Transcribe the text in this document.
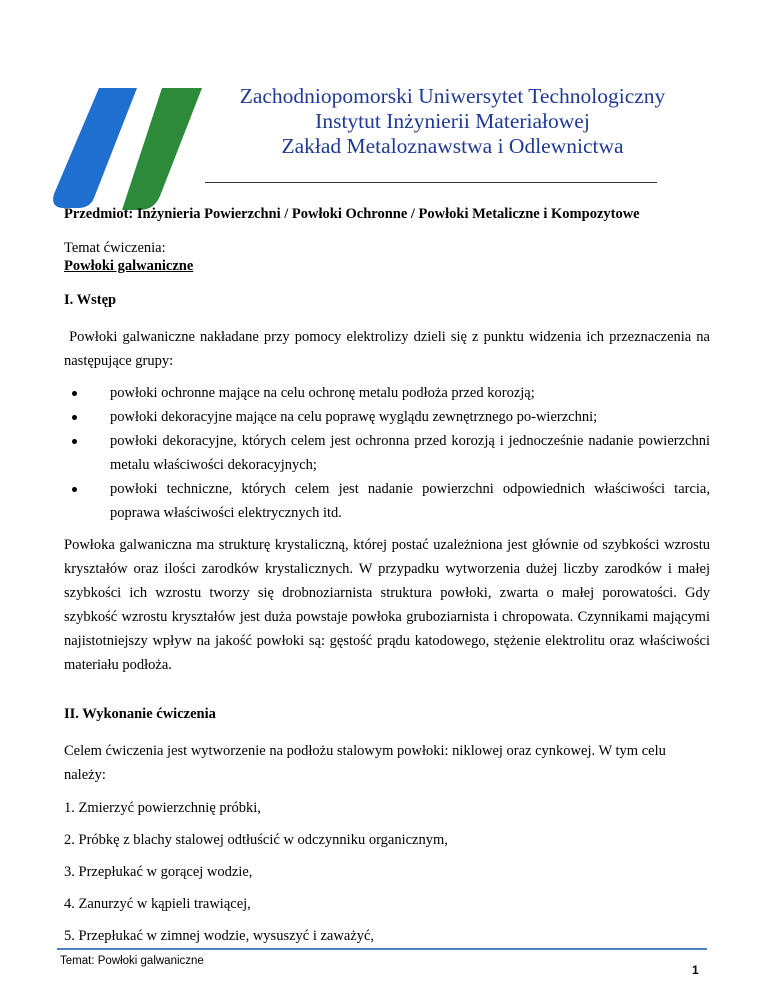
Zachodniopomorski Uniwersytet Technologiczny
Instytut Inżynierii Materiałowej
Zakład Metaloznawstwa i Odlewnictwa
Przedmiot: Inżynieria Powierzchni / Powłoki Ochronne / Powłoki Metaliczne i Kompozytowe
Temat ćwiczenia:
Powłoki galwaniczne
I. Wstęp
Powłoki galwaniczne nakładane przy pomocy elektrolizy dzieli się z punktu widzenia ich przeznaczenia na następujące grupy:
powłoki ochronne mające na celu ochronę metalu podłoża przed korozją;
powłoki dekoracyjne mające na celu poprawę wyglądu zewnętrznego po-wierzchni;
powłoki dekoracyjne, których celem jest ochronna przed korozją i jednocześnie nadanie powierzchni metalu właściwości dekoracyjnych;
powłoki techniczne, których celem jest nadanie powierzchni odpowiednich właściwości tarcia, poprawa właściwości elektrycznych itd.
Powłoka galwaniczna ma strukturę krystaliczną, której postać uzależniona jest głównie od szybkości wzrostu kryształów oraz ilości zarodków krystalicznych. W przypadku wytworzenia dużej liczby zarodków i małej szybkości ich wzrostu tworzy się drobnoziarnista struktura powłoki, zwarta o małej porowatości. Gdy szybkość wzrostu kryształów jest duża powstaje powłoka gruboziarnista i chropowata. Czynnikami mającymi najistotniejszy wpływ na jakość powłoki są: gęstość prądu katodowego, stężenie elektrolitu oraz właściwości materiału podłoża.
II. Wykonanie ćwiczenia
Celem ćwiczenia jest wytworzenie na podłożu stalowym powłoki: niklowej oraz cynkowej. W tym celu należy:
1. Zmierzyć powierzchnię próbki,
2. Próbkę z blachy stalowej odtłuścić w odczynniku organicznym,
3. Przepłukać w gorącej wodzie,
4. Zanurzyć w kąpieli trawiącej,
5. Przepłukać w zimnej wodzie, wysuszyć i zaważyć,
Temat: Powłoki galwaniczne
1
